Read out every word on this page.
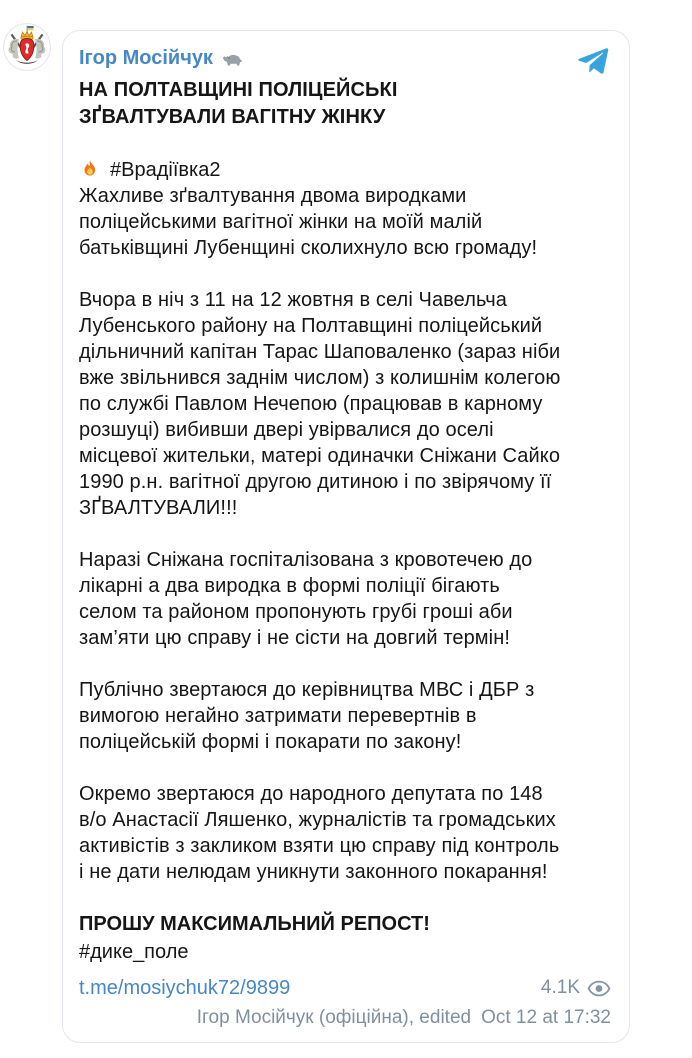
Ігор Мосійчук
НА ПОЛТАВЩИНІ ПОЛІЦЕЙСЬКІ ЗҐВАЛТУВАЛИ ВАГІТНУ ЖІНКУ
#Врадіївка2

Жахливе зґвалтування двома виродками поліцейськими вагітної жінки на моїй малій батьківщині Лубенщині сколихнуло всю громаду!

Вчора в ніч з 11 на 12 жовтня в селі Чавельча Лубенського району на Полтавщині поліцейський дільничний капітан Тарас Шаповаленко (зараз ніби вже звільнився заднім числом) з колишнім колегою по службі Павлом Нечепою (працював в карному розшуці) вибивши двері увірвалися до оселі місцевої жительки, матері одиначки Сніжани Сайко 1990 р.н. вагітної другою дитиною і по звірячому її ЗҐВАЛТУВАЛИ!!!

Наразі Сніжана госпіталізована з кровотечею до лікарні а два виродка в формі поліції бігають селом та районом пропонують грубі гроші аби зам’яти цю справу і не сісти на довгий термін!

Публічно звертаюся до керівництва МВС і ДБР з вимогою негайно затримати перевертнів в поліцейській формі і покарати по закону!

Окремо звертаюся до народного депутата по 148 в/о Анастасії Ляшенко, журналістів та громадських активістів з закликом взяти цю справу під контроль і не дати нелюдам уникнути законного покарання!

ПРОШУ МАКСИМАЛЬНИЙ РЕПОСТ!
#дике_поле
t.me/mosiychuk72/9899	4.1K
Ігор Мосійчук (офіційна), edited Oct 12 at 17:32
